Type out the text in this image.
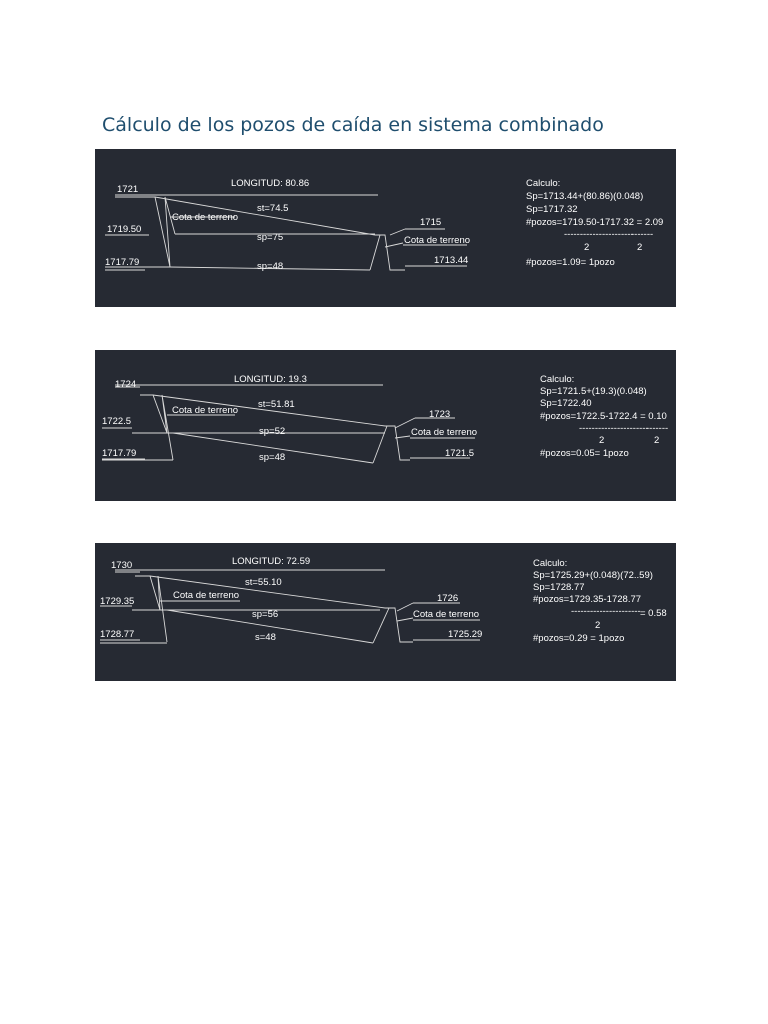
Cálculo de los pozos de caída en sistema combinado
1721
1719.50
1717.79
LONGITUD: 80.86
st=74.5
Cota de terreno
sp=75
sp=48
1715
Cota de terreno
1713.44
Calculo:
Sp=1713.44+(80.86)(0.048)
Sp=1717.32
#pozos=1719.50-1717.32 = 2.09
----------------------
-------
2	2
#pozos=1.09= 1pozo
1724
1722.5
1717.79
LONGITUD: 19.3
st=51.81
Cota de terreno
sp=52
sp=48
1723
Cota de terreno
1721.5
Calculo:
Sp=1721.5+(19.3)(0.048)
Sp=1722.40
#pozos=1722.5-1722.4 = 0.10
----------------------
-------
2	2
#pozos=0.05= 1pozo
1730
1729.35
1728.77
LONGITUD: 72.59
st=55.10
Cota de terreno
sp=56
s=48
1726
Cota de terreno
1725.29
Calculo:
Sp=1725.29+(0.048)(72..59)
Sp=1728.77
#pozos=1729.35-1728.77
---------------------- = 0.58
2
#pozos=0.29 = 1pozo
